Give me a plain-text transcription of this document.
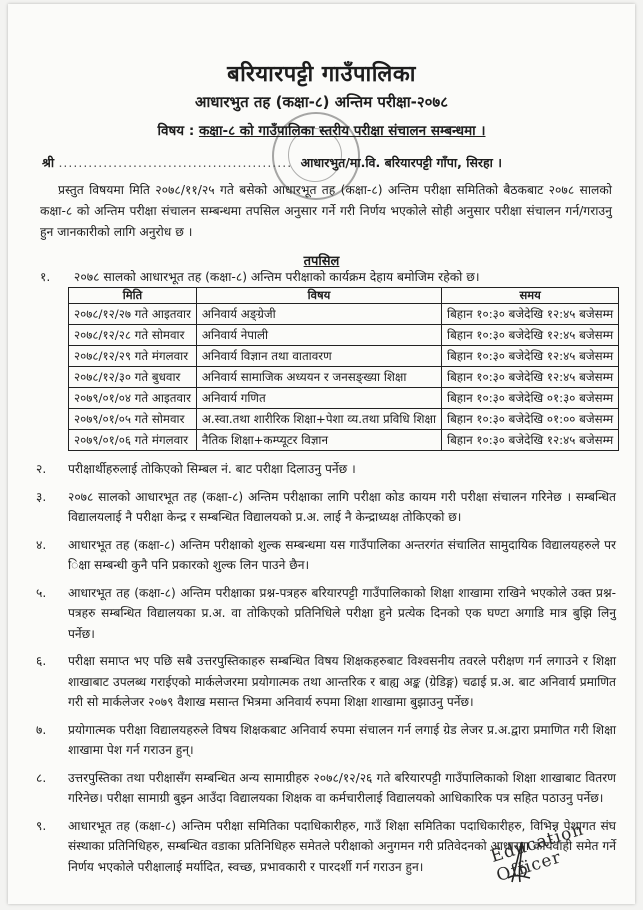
बरियारपट्टी गाउँपालिका
आधारभुत तह (कक्षा-८) अन्तिम परीक्षा-२०७८
विषय : कक्षा-८ को गाउँपालिका स्तरीय परीक्षा संचालन सम्बन्धमा ।
श्री ............................................... आधारभुत/मा.वि. बरियारपट्टी गाँपा, सिरहा ।
प्रस्तुत विषयमा मिति २०७८/११/२५ गते बसेको आधारभूत तह (कक्षा-८) अन्तिम परीक्षा समितिको बैठकबाट २०७८ सालको कक्षा-८ को अन्तिम परीक्षा संचालन सम्बन्धमा तपसिल अनुसार गर्ने गरी निर्णय भएकोले सोही अनुसार परीक्षा संचालन गर्न/गराउनु हुन जानकारीको लागि अनुरोध छ ।
तपसिल
१. २०७८ सालको आधारभूत तह (कक्षा-८) अन्तिम परीक्षाको कार्यक्रम देहाय बमोजिम रहेको छ।
मिति	विषय	समय
२०७८/१२/२७ गते आइतवार	अनिवार्य अङ्ग्रेजी	बिहान १०:३० बजेदेखि १२:४५ बजेसम्म
२०७८/१२/२८ गते सोमवार	अनिवार्य नेपाली	बिहान १०:३० बजेदेखि १२:४५ बजेसम्म
२०७८/१२/२९ गते मंगलवार	अनिवार्य विज्ञान तथा वातावरण	बिहान १०:३० बजेदेखि १२:४५ बजेसम्म
२०७८/१२/३० गते बुधवार	अनिवार्य सामाजिक अध्ययन र जनसङ्ख्या शिक्षा	बिहान १०:३० बजेदेखि १२:४५ बजेसम्म
२०७९/०१/०४ गते आइतवार	अनिवार्य गणित	बिहान १०:३० बजेदेखि ०१:३० बजेसम्म
२०७९/०१/०५ गते सोमवार	अ.स्वा.तथा शारीरिक शिक्षा+पेशा व्य.तथा प्रविधि शिक्षा	बिहान १०:३० बजेदेखि ०१:०० बजेसम्म
२०७९/०१/०६ गते मंगलवार	नैतिक शिक्षा+कम्प्यूटर विज्ञान	बिहान १०:३० बजेदेखि १२:४५ बजेसम्म
२.	परीक्षार्थीहरुलाई तोकिएको सिम्बल नं. बाट परीक्षा दिलाउनु पर्नेछ ।
३.	२०७८ सालको आधारभूत तह (कक्षा-८) अन्तिम परीक्षाका लागि परीक्षा कोड कायम गरी परीक्षा संचालन गरिनेछ । सम्बन्धित विद्यालयलाई नै परीक्षा केन्द्र र सम्बन्धित विद्यालयको प्र.अ. लाई नै केन्द्राध्यक्ष तोकिएको छ।
४.	आधारभूत तह (कक्षा-८) अन्तिम परीक्षाको शुल्क सम्बन्धमा यस गाउँपालिका अन्तरगंत संचालित सामुदायिक विद्यालयहरुले पर िक्षा सम्बन्धी कुनै पनि प्रकारको शुल्क लिन पाउने छैन।
५.	आधारभूत तह (कक्षा-८) अन्तिम परीक्षाका प्रश्न-पत्रहरु बरियारपट्टी गाउँपालिकाको शिक्षा शाखामा राखिने भएकोले उक्त प्रश्न-पत्रहरु सम्बन्धित विद्यालयका प्र.अ. वा तोकिएको प्रतिनिधिले परीक्षा हुने प्रत्येक दिनको एक घण्टा अगाडि मात्र बुझि लिनु पर्नेछ।
६.	परीक्षा समाप्त भए पछि सबै उत्तरपुस्तिकाहरु सम्बन्धित विषय शिक्षकहरुबाट विश्वसनीय तवरले परीक्षण गर्न लगाउने र शिक्षा शाखाबाट उपलब्ध गराईएको मार्कलेजरमा प्रयोगात्मक तथा आन्तरिक र बाह्य अङ्क (ग्रेडिङ्ग) चढाई प्र.अ. बाट अनिवार्य प्रमाणित गरी सो मार्कलेजर २०७९ वैशाख मसान्त भित्रमा अनिवार्य रुपमा शिक्षा शाखामा बुझाउनु पर्नेछ।
७.	प्रयोगात्मक परीक्षा विद्यालयहरुले विषय शिक्षकबाट अनिवार्य रुपमा संचालन गर्न लगाई ग्रेड लेजर प्र.अ.द्वारा प्रमाणित गरी शिक्षा शाखामा पेश गर्न गराउन हुन्।
८.	उत्तरपुस्तिका तथा परीक्षासँग सम्बन्धित अन्य सामाग्रीहरु २०७८/१२/२६ गते बरियारपट्टी गाउँपालिकाको शिक्षा शाखाबाट वितरण गरिनेछ। परीक्षा सामाग्री बुझ्न आउँदा विद्यालयका शिक्षक वा कर्मचारीलाई विद्यालयको आधिकारिक पत्र सहित पठाउनु पर्नेछ।
९.	आधारभूत तह (कक्षा-८) अन्तिम परीक्षा समितिका पदाधिकारीहरु, गाउँ शिक्षा समितिका पदाधिकारीहरु, विभिन्न पेशागत संघ संस्थाका प्रतिनिधिहरु, सम्बन्धित वडाका प्रतिनिधिहरु समेतले परीक्षाको अनुगमन गरी प्रतिवेदनको आधारमा कार्यवाही समेत गर्ने निर्णय भएकोले परीक्षालाई मर्यादित, स्वच्छ, प्रभावकारी र पारदर्शी गर्न गराउन हुन।	Education Officer
